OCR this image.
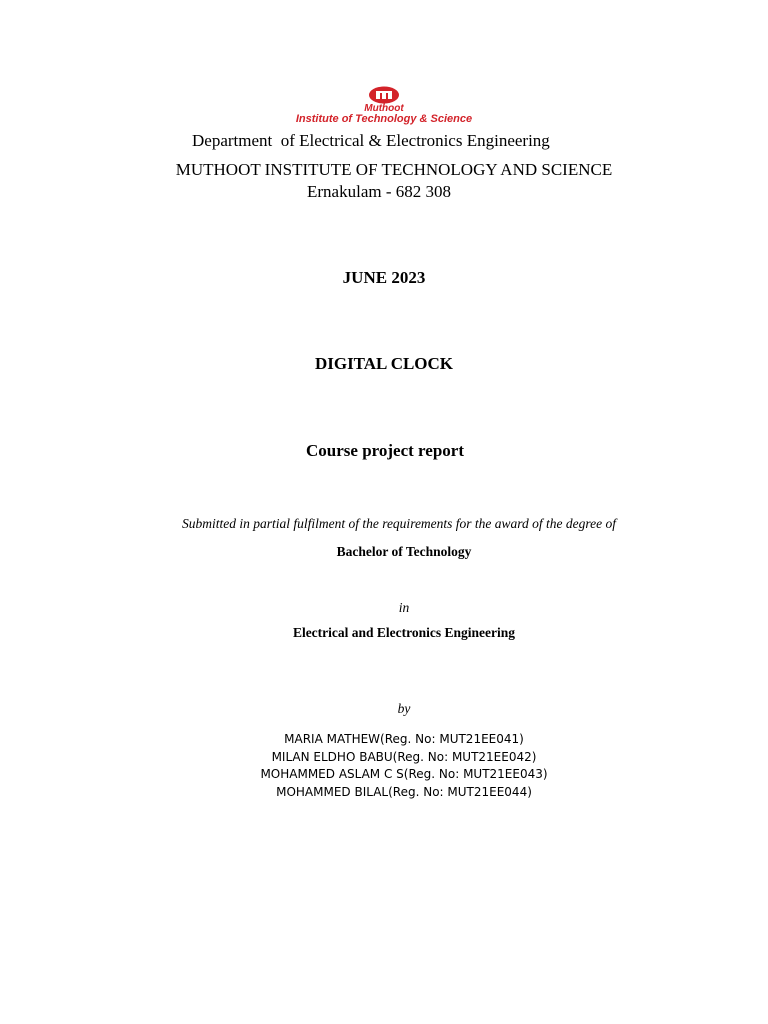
Muthoot
Institute of Technology & Science
Department  of Electrical & Electronics Engineering
MUTHOOT INSTITUTE OF TECHNOLOGY AND SCIENCE
Ernakulam - 682 308
JUNE 2023
DIGITAL CLOCK
Course project report
Submitted in partial fulfilment of the requirements for the award of the degree of
Bachelor of Technology
in
Electrical and Electronics Engineering
by
MARIA MATHEW(Reg. No: MUT21EE041)
MILAN ELDHO BABU(Reg. No: MUT21EE042)
MOHAMMED ASLAM C S(Reg. No: MUT21EE043)
MOHAMMED BILAL(Reg. No: MUT21EE044)
